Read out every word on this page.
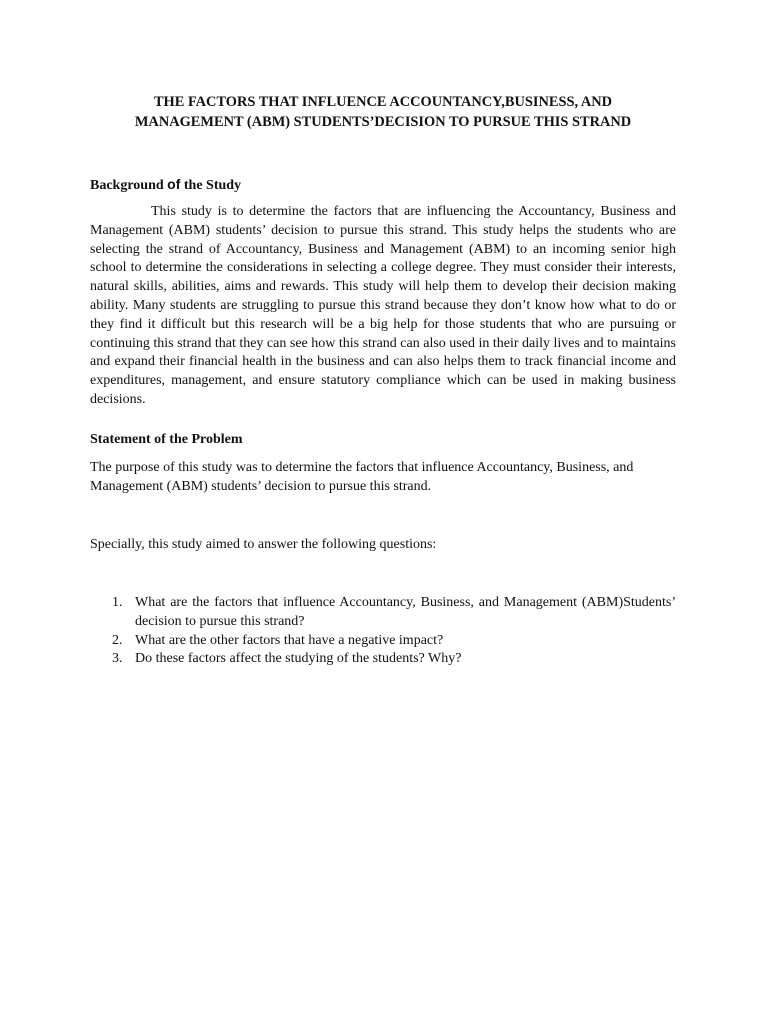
THE FACTORS THAT INFLUENCE ACCOUNTANCY,BUSINESS, AND
MANAGEMENT (ABM) STUDENTS’DECISION TO PURSUE THIS STRAND
Background of the Study

This study is to determine the factors that are influencing the Accountancy, Business and Management (ABM) students’ decision to pursue this strand. This study helps the students who are selecting the strand of Accountancy, Business and Management (ABM) to an incoming senior high school to determine the considerations in selecting a college degree. They must consider their interests, natural skills, abilities, aims and rewards. This study will help them to develop their decision making ability. Many students are struggling to pursue this strand because they don’t know how what to do or they find it difficult but this research will be a big help for those students that who are pursuing or continuing this strand that they can see how this strand can also used in their daily lives and to maintains and expand their financial health in the business and can also helps them to track financial income and expenditures, management, and ensure statutory compliance which can be used in making business decisions.

Statement of the Problem

The purpose of this study was to determine the factors that influence Accountancy, Business, and Management (ABM) students’ decision to pursue this strand.

Specially, this study aimed to answer the following questions:

1. What are the factors that influence Accountancy, Business, and Management (ABM)Students’ decision to pursue this strand?
2. What are the other factors that have a negative impact?
3. Do these factors affect the studying of the students? Why?
